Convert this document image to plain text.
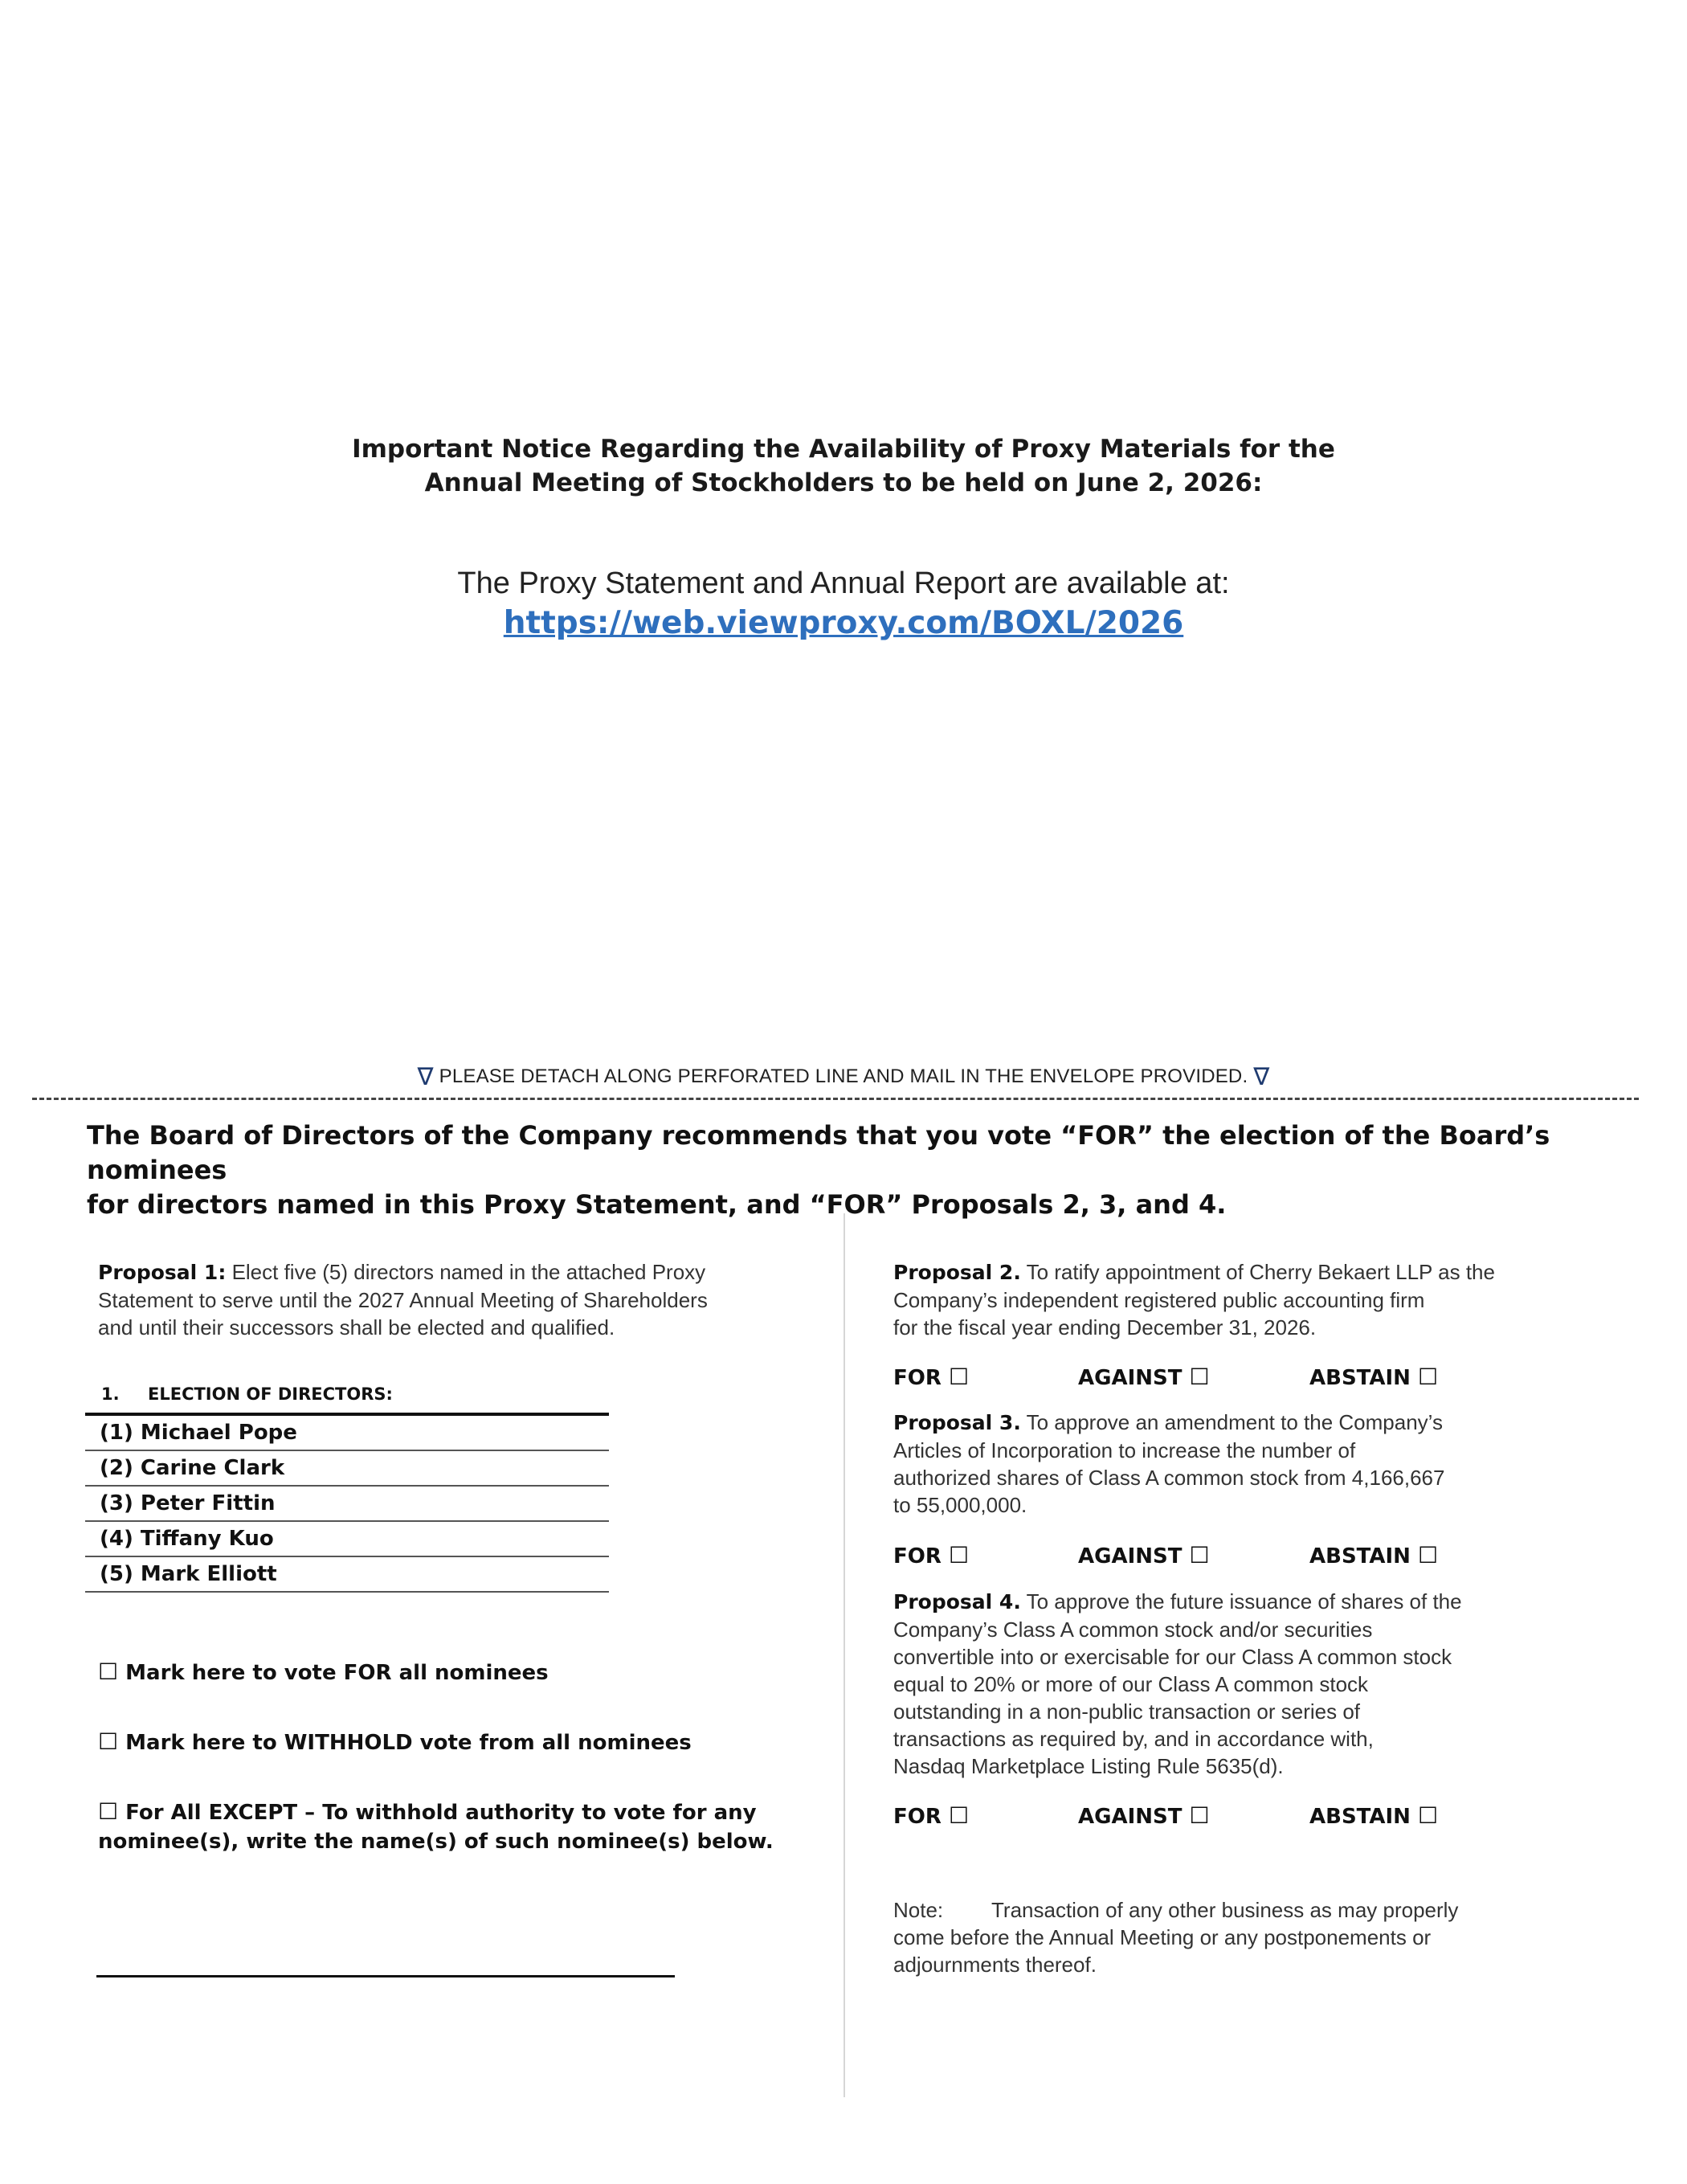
Important Notice Regarding the Availability of Proxy Materials for the
Annual Meeting of Stockholders to be held on June 2, 2026:
The Proxy Statement and Annual Report are available at:
https://web.viewproxy.com/BOXL/2026
∇ PLEASE DETACH ALONG PERFORATED LINE AND MAIL IN THE ENVELOPE PROVIDED. ∇
The Board of Directors of the Company recommends that you vote “FOR” the election of the Board’s nominees
for directors named in this Proxy Statement, and “FOR” Proposals 2, 3, and 4.
Proposal 1: Elect five (5) directors named in the attached Proxy
Statement to serve until the 2027 Annual Meeting of Shareholders
and until their successors shall be elected and qualified.
1. ELECTION OF DIRECTORS:
(1) Michael Pope
(2) Carine Clark
(3) Peter Fittin
(4) Tiffany Kuo
(5) Mark Elliott
☐ Mark here to vote FOR all nominees
☐ Mark here to WITHHOLD vote from all nominees
☐ For All EXCEPT – To withhold authority to vote for any
nominee(s), write the name(s) of such nominee(s) below.
Proposal 2. To ratify appointment of Cherry Bekaert LLP as the
Company’s independent registered public accounting firm
for the fiscal year ending December 31, 2026.
FOR ☐	AGAINST ☐	ABSTAIN ☐
Proposal 3. To approve an amendment to the Company’s
Articles of Incorporation to increase the number of
authorized shares of Class A common stock from 4,166,667
to 55,000,000.
FOR ☐	AGAINST ☐	ABSTAIN ☐
Proposal 4. To approve the future issuance of shares of the
Company’s Class A common stock and/or securities
convertible into or exercisable for our Class A common stock
equal to 20% or more of our Class A common stock
outstanding in a non-public transaction or series of
transactions as required by, and in accordance with,
Nasdaq Marketplace Listing Rule 5635(d).
FOR ☐	AGAINST ☐	ABSTAIN ☐
Note: Transaction of any other business as may properly
come before the Annual Meeting or any postponements or
adjournments thereof.
